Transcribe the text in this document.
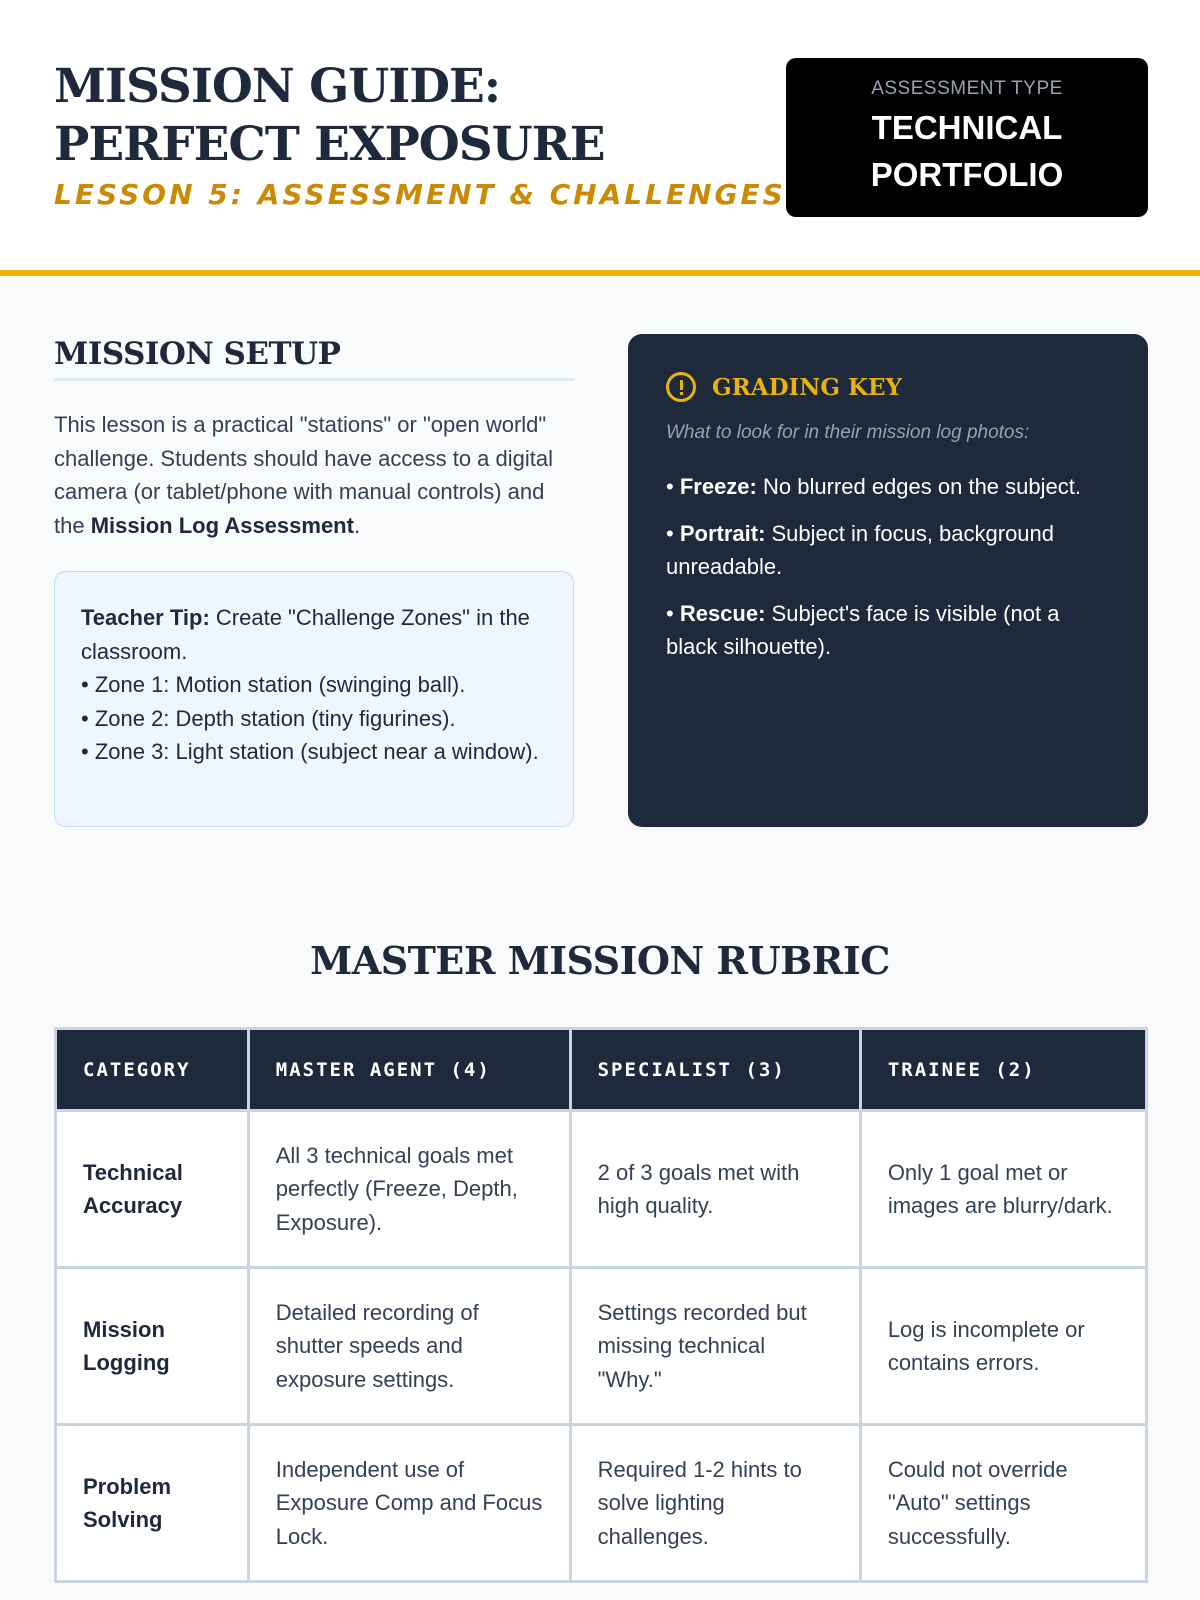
MISSION GUIDE: PERFECT EXPOSURE
LESSON 5: ASSESSMENT & CHALLENGES
ASSESSMENT TYPE
TECHNICAL
PORTFOLIO
MISSION SETUP

This lesson is a practical "stations" or "open world" challenge. Students should have access to a digital camera (or tablet/phone with manual controls) and the Mission Log Assessment.

Teacher Tip: Create "Challenge Zones" in the classroom.
• Zone 1: Motion station (swinging ball).
• Zone 2: Depth station (tiny figurines).
• Zone 3: Light station (subject near a window).
GRADING KEY
What to look for in their mission log photos:
• Freeze: No blurred edges on the subject.
• Portrait: Subject in focus, background unreadable.
• Rescue: Subject's face is visible (not a black silhouette).
MASTER MISSION RUBRIC
CATEGORY	MASTER AGENT (4)	SPECIALIST (3)	TRAINEE (2)
Technical Accuracy	All 3 technical goals met perfectly (Freeze, Depth, Exposure).	2 of 3 goals met with high quality.	Only 1 goal met or images are blurry/dark.
Mission Logging	Detailed recording of shutter speeds and exposure settings.	Settings recorded but missing technical "Why."	Log is incomplete or contains errors.
Problem Solving	Independent use of Exposure Comp and Focus Lock.	Required 1-2 hints to solve lighting challenges.	Could not override "Auto" settings successfully.
